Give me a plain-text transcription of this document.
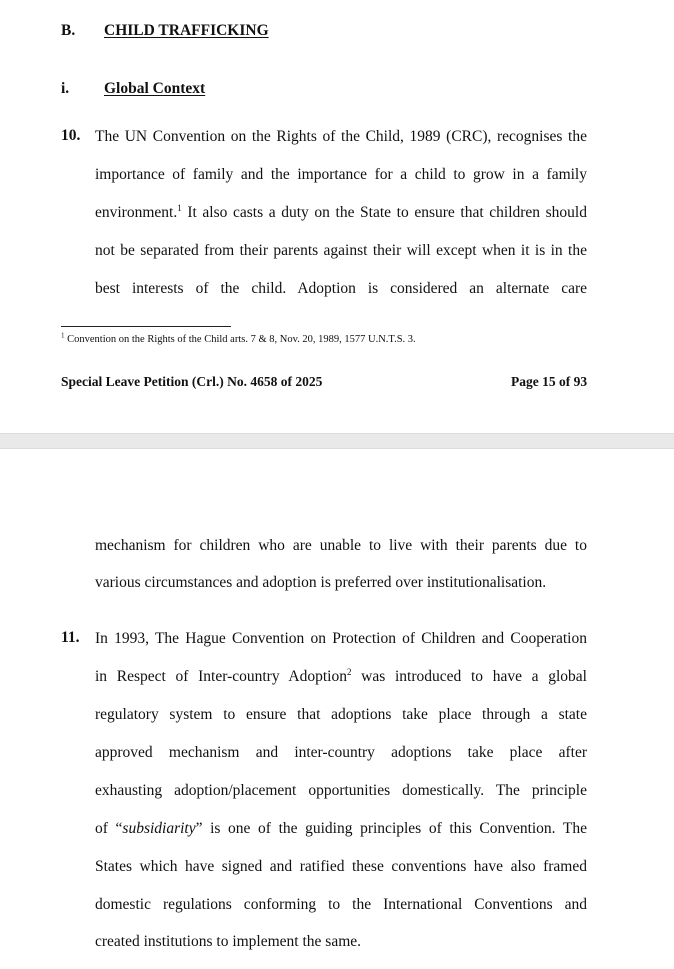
B. CHILD TRAFFICKING
i. Global Context
10. The UN Convention on the Rights of the Child, 1989 (CRC), recognises the
importance of family and the importance for a child to grow in a family
environment.$^1$ It also casts a duty on the State to ensure that children should
not be separated from their parents against their will except when it is in the
best interests of the child. Adoption is considered an alternate care
$^1$ Convention on the Rights of the Child arts. 7 & 8, Nov. 20, 1989, 1577 U.N.T.S. 3.
Special Leave Petition (Crl.) No. 4658 of 2025	Page 15 of 93
mechanism for children who are unable to live with their parents due to
various circumstances and adoption is preferred over institutionalisation.
11. In 1993, The Hague Convention on Protection of Children and Cooperation
in Respect of Inter-country Adoption$^2$ was introduced to have a global
regulatory system to ensure that adoptions take place through a state
approved mechanism and inter-country adoptions take place after
exhausting adoption/placement opportunities domestically. The principle
of “subsidiarity” is one of the guiding principles of this Convention. The
States which have signed and ratified these conventions have also framed
domestic regulations conforming to the International Conventions and
created institutions to implement the same.
